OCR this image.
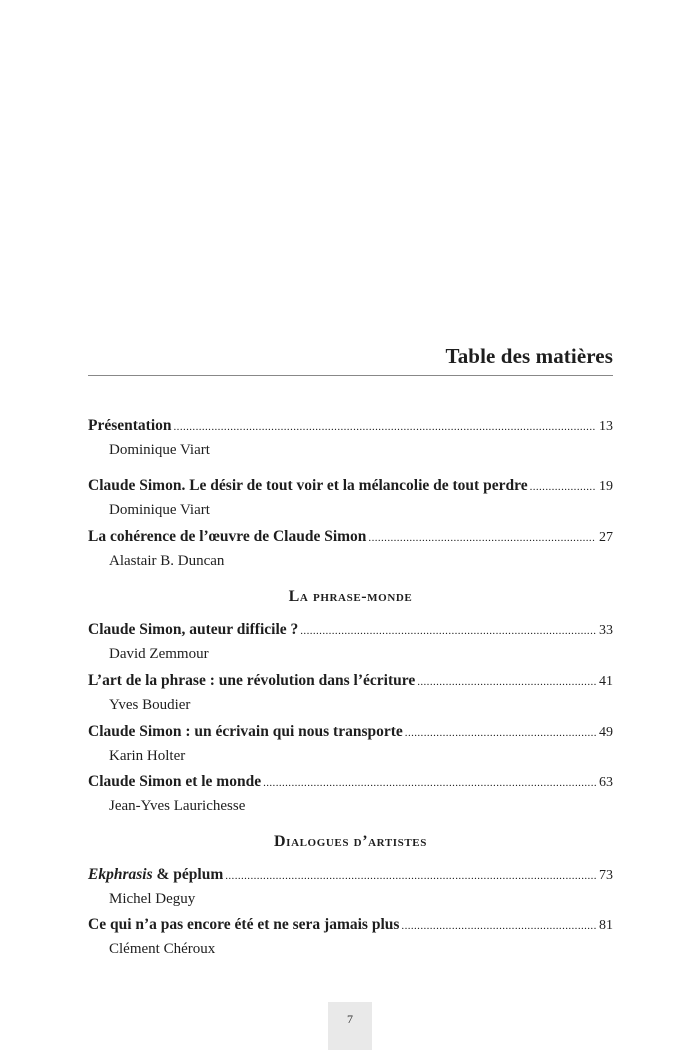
Table des matières
Présentation .....	13
Dominique Viart
Claude Simon. Le désir de tout voir et la mélancolie de tout perdre .....	19
Dominique Viart
La cohérence de l’œuvre de Claude Simon .....	27
Alastair B. Duncan
La phrase-monde
Claude Simon, auteur difficile ? .....	33
David Zemmour
L’art de la phrase : une révolution dans l’écriture .....	41
Yves Boudier
Claude Simon : un écrivain qui nous transporte .....	49
Karin Holter
Claude Simon et le monde .....	63
Jean-Yves Laurichesse
Dialogues d’artistes
Ekphrasis & péplum .....	73
Michel Deguy
Ce qui n’a pas encore été et ne sera jamais plus .....	81
Clément Chéroux
7
